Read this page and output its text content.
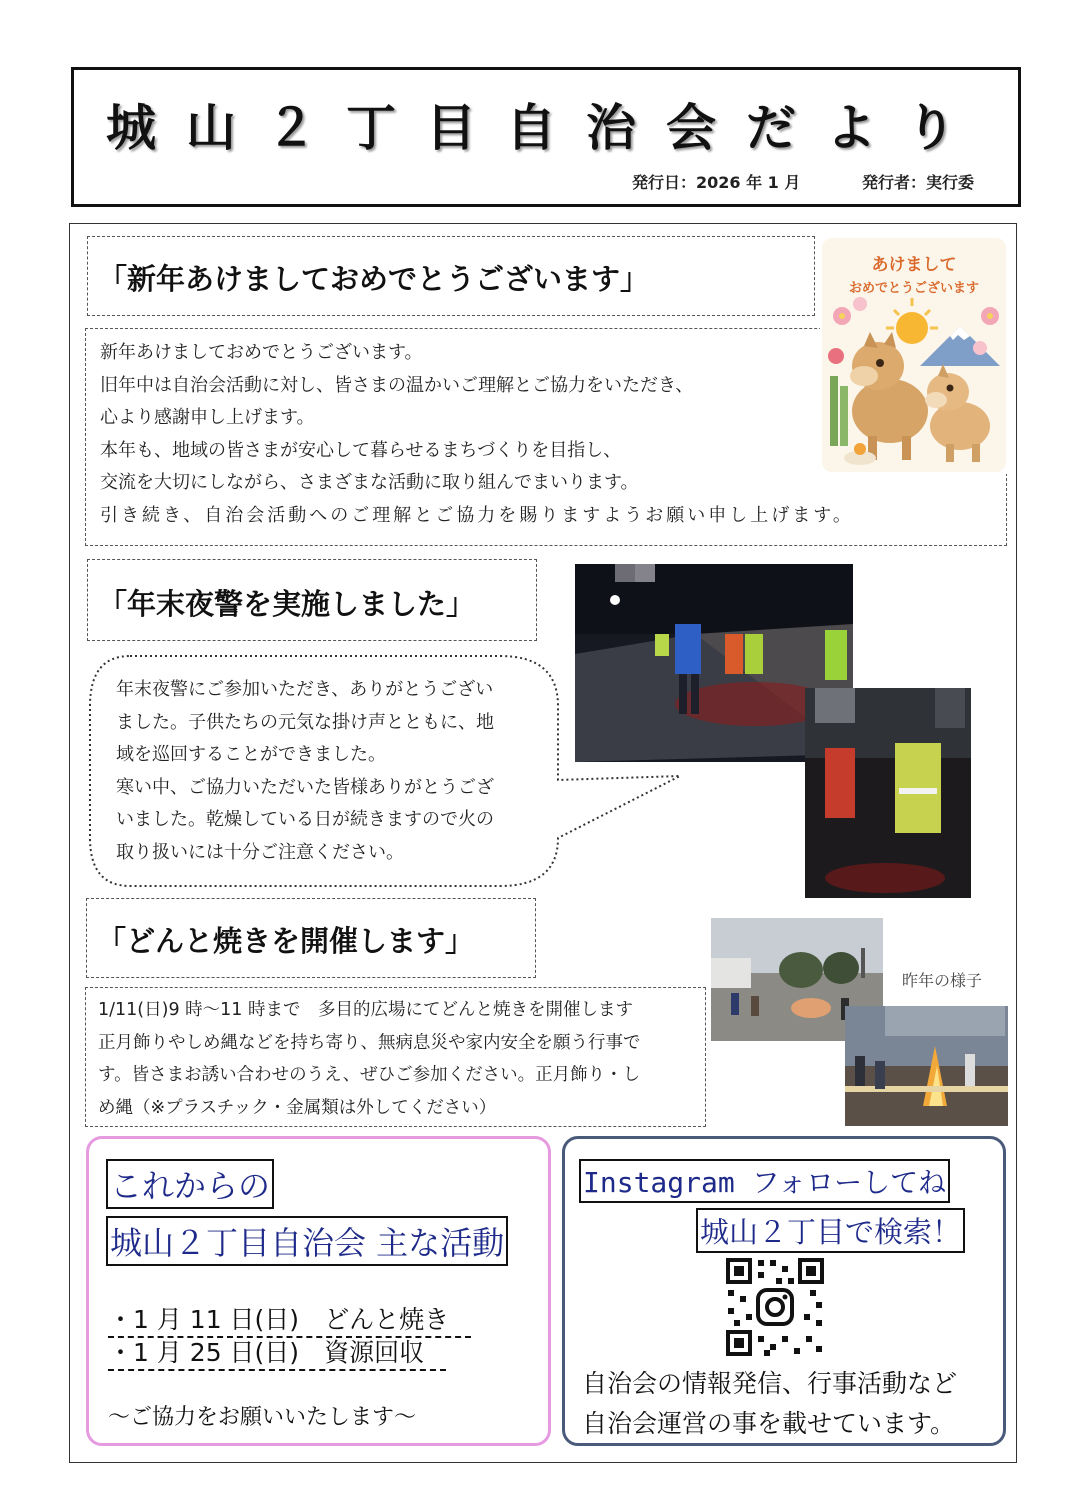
城山２丁目自治会だより
発行日：2026 年 1 月	発行者：実行委
「新年あけましておめでとうございます」
新年あけましておめでとうございます。
旧年中は自治会活動に対し、皆さまの温かいご理解とご協力をいただき、
心より感謝申し上げます。
本年も、地域の皆さまが安心して暮らせるまちづくりを目指し、
交流を大切にしながら、さまざまな活動に取り組んでまいります。
引き続き、自治会活動へのご理解とご協力を賜りますようお願い申し上げます。
あけまして
おめでとうございます
「年末夜警を実施しました」
年末夜警にご参加いただき、ありがとうござい
ました。子供たちの元気な掛け声とともに、地
域を巡回することができました。
寒い中、ご協力いただいた皆様ありがとうござ
いました。乾燥している日が続きますので火の
取り扱いには十分ご注意ください。
「どんと焼きを開催します」
1/11(日)9 時～11 時まで　多目的広場にてどんと焼きを開催します
正月飾りやしめ縄などを持ち寄り、無病息災や家内安全を願う行事で
す。皆さまお誘い合わせのうえ、ぜひご参加ください。正月飾り・し
め縄（※プラスチック・金属類は外してください）
昨年の様子
これからの
城山２丁目自治会 主な活動
・1 月 11 日(日)　どんと焼き
・1 月 25 日(日)　資源回収
～ご協力をお願いいたします～
Instagram フォローしてね
城山２丁目で検索！
自治会の情報発信、行事活動など
自治会運営の事を載せています。
